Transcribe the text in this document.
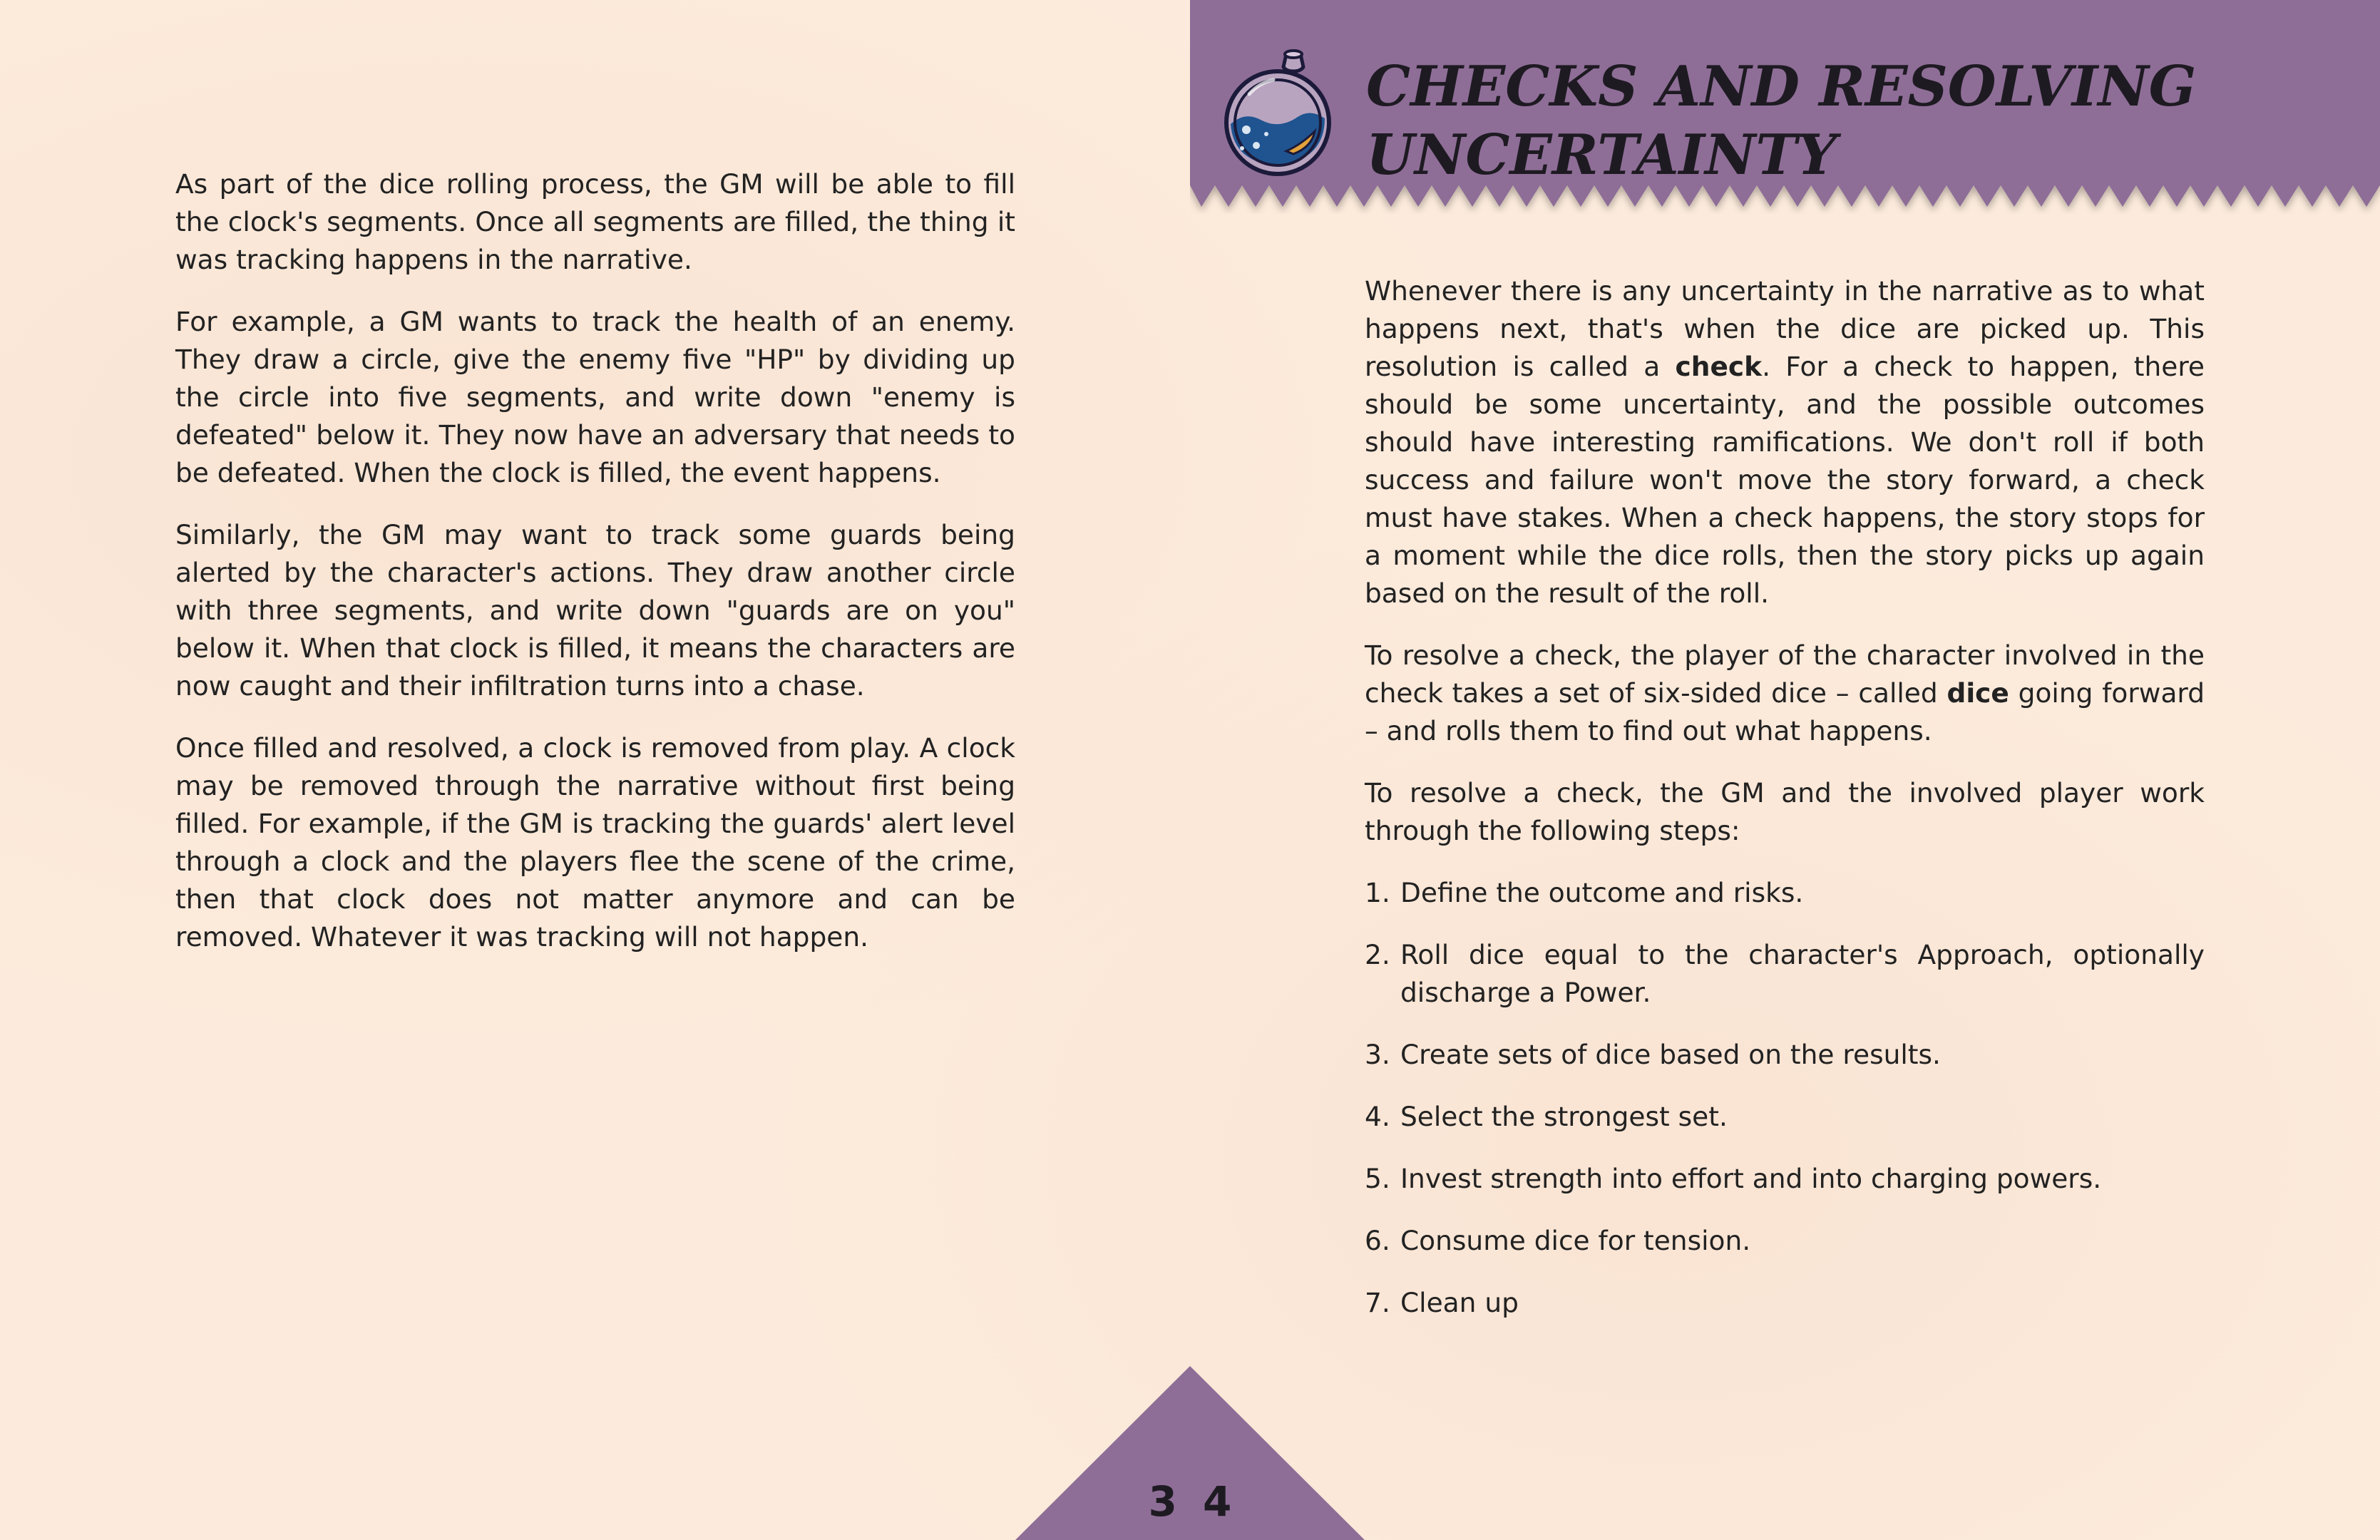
As part of the dice rolling process, the GM will be able to fill the clock's segments. Once all segments are filled, the thing it was tracking happens in the narrative.

For example, a GM wants to track the health of an enemy. They draw a circle, give the enemy five "HP" by dividing up the circle into five segments, and write down "enemy is defeated" below it. They now have an adversary that needs to be defeated. When the clock is filled, the event happens.

Similarly, the GM may want to track some guards being alerted by the character's actions. They draw another circle with three segments, and write down "guards are on you" below it. When that clock is filled, it means the characters are now caught and their infiltration turns into a chase.

Once filled and resolved, a clock is removed from play. A clock may be removed through the narrative without first being filled. For example, if the GM is tracking the guards' alert level through a clock and the players flee the scene of the crime, then that clock does not matter anymore and can be removed. Whatever it was tracking will not happen.

CHECKS AND RESOLVING
UNCERTAINTY

Whenever there is any uncertainty in the narrative as to what happens next, that's when the dice are picked up. This resolution is called a check. For a check to happen, there should be some uncertainty, and the possible outcomes should have interesting ramifications. We don't roll if both success and failure won't move the story forward, a check must have stakes. When a check happens, the story stops for a moment while the dice rolls, then the story picks up again based on the result of the roll.

To resolve a check, the player of the character involved in the check takes a set of six-sided dice – called dice going forward – and rolls them to find out what happens.

To resolve a check, the GM and the involved player work through the following steps:

1. Define the outcome and risks.
2. Roll dice equal to the character's Approach, optionally discharge a Power.
3. Create sets of dice based on the results.
4. Select the strongest set.
5. Invest strength into effort and into charging powers.
6. Consume dice for tension.
7. Clean up
3 4
